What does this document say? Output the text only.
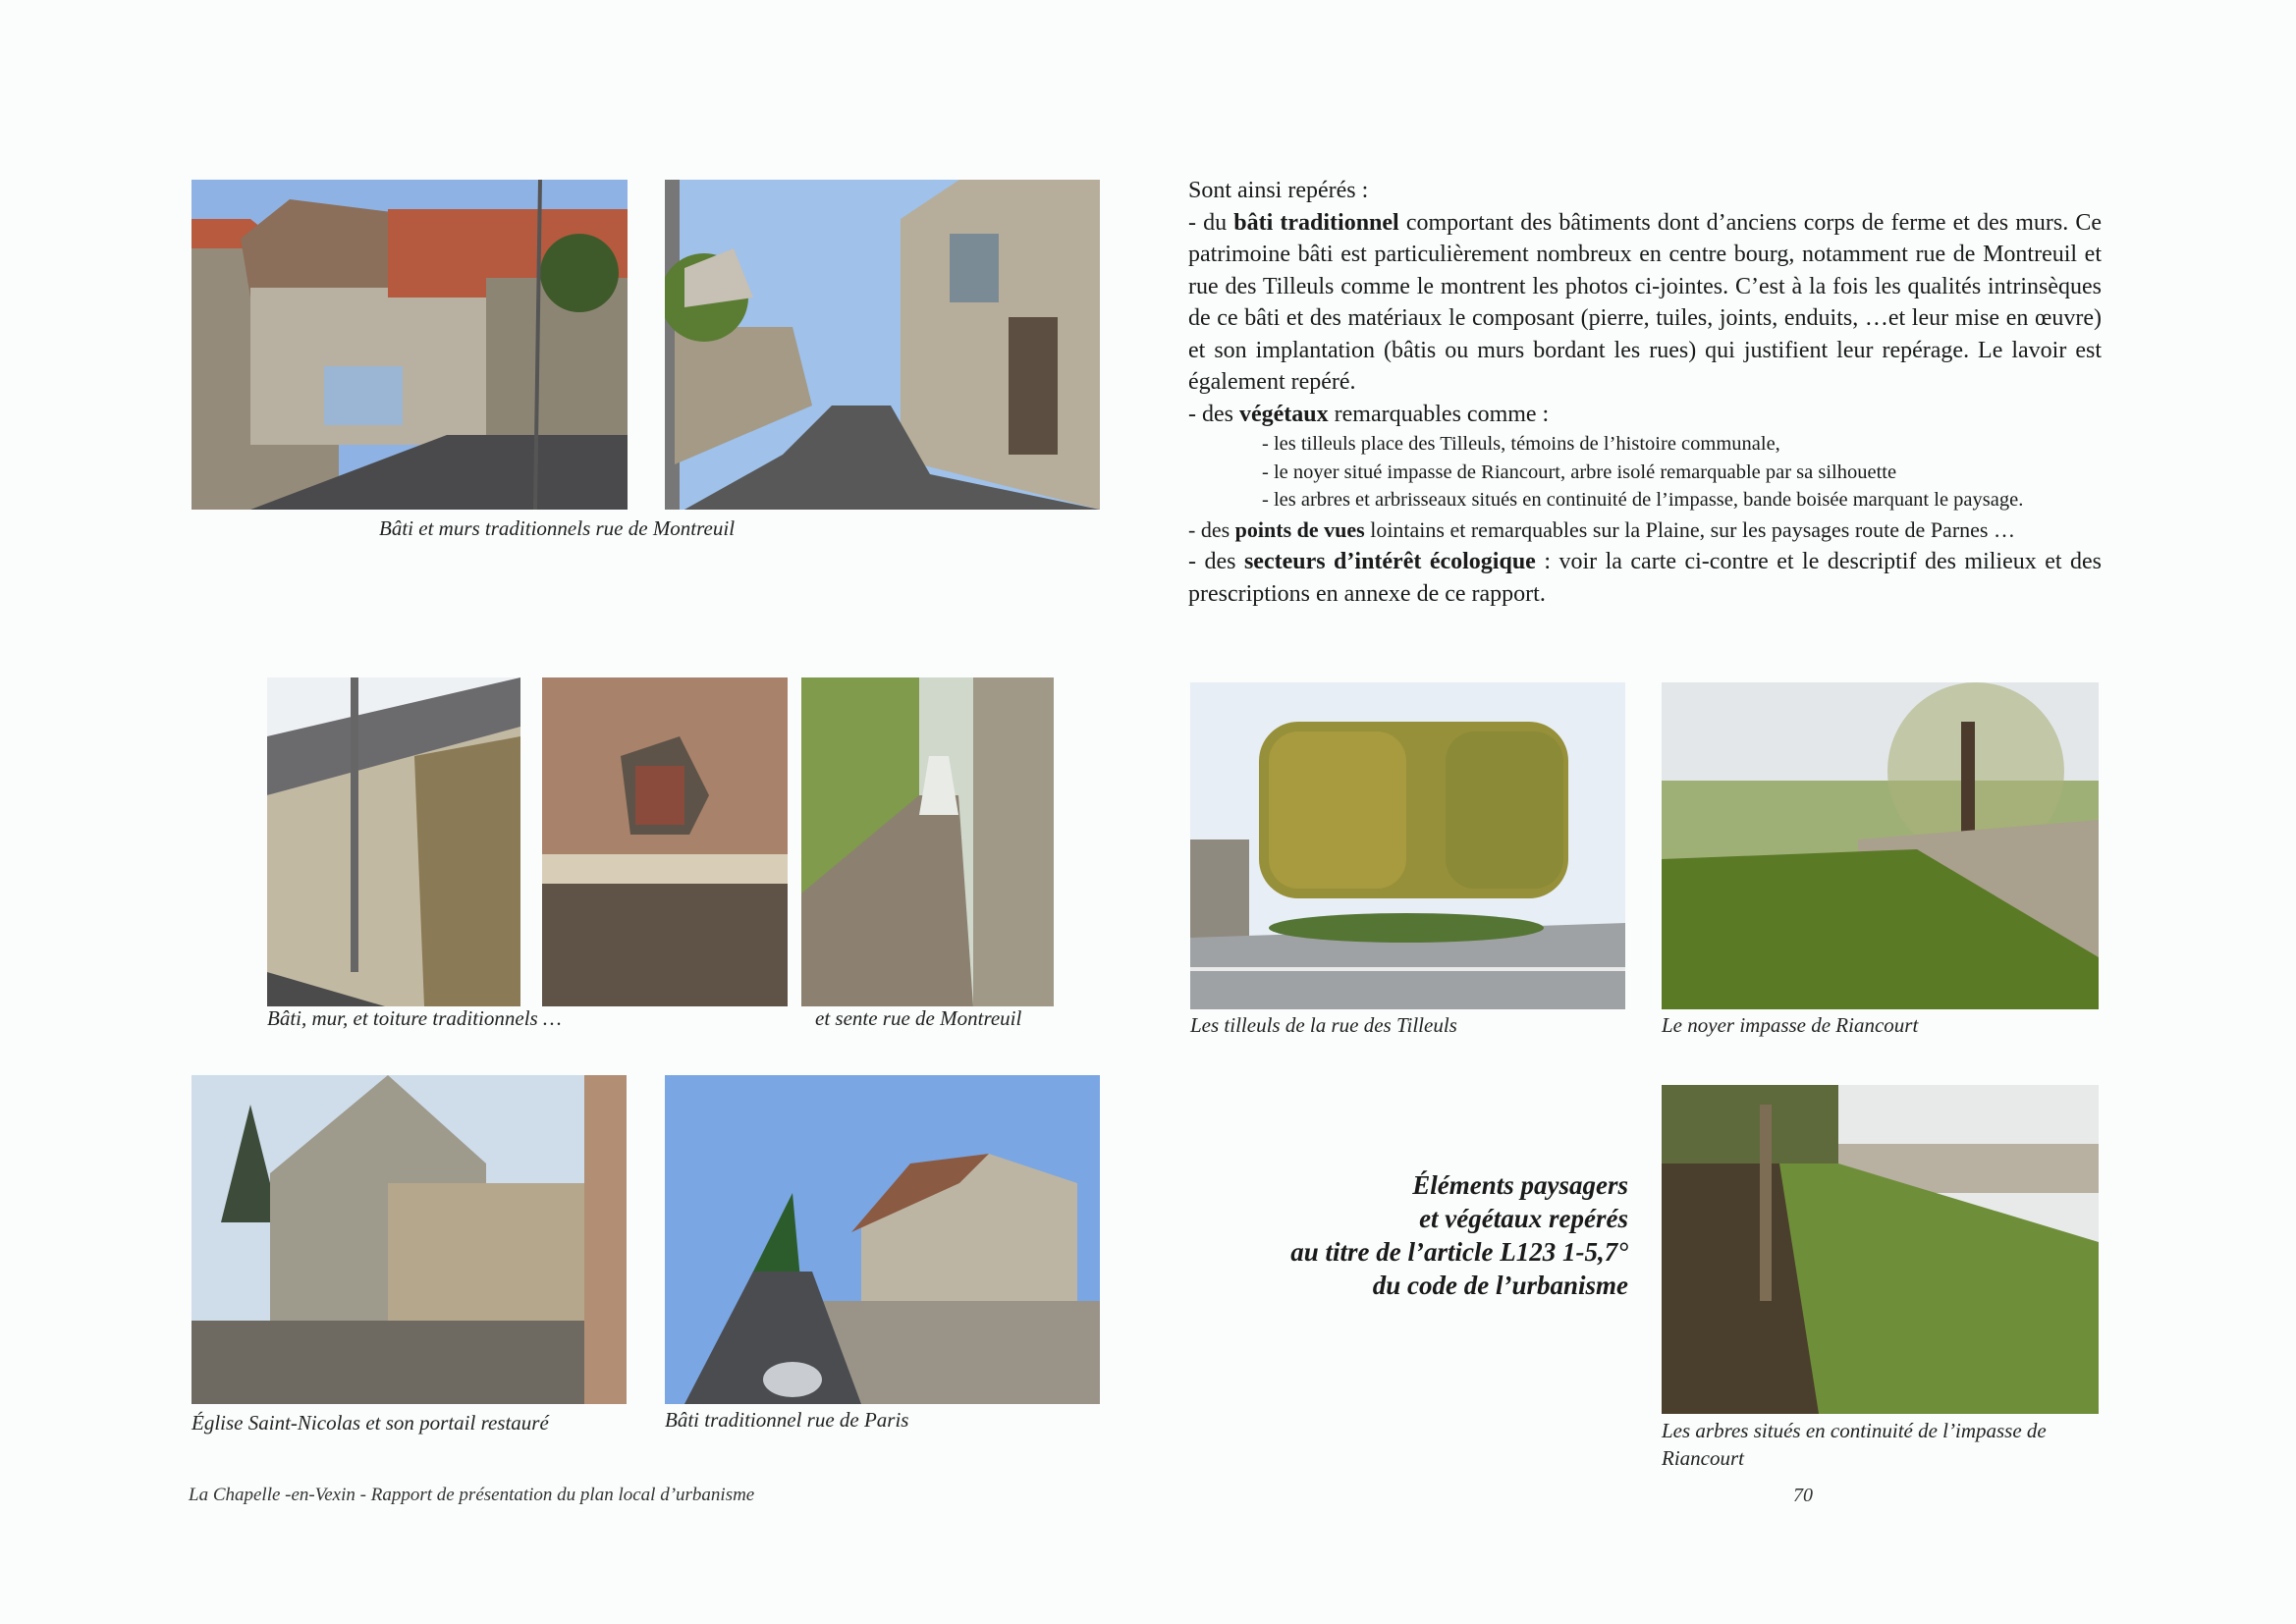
Bâti et murs traditionnels rue de Montreuil
Bâti, mur, et toiture traditionnels …	et sente rue de Montreuil
Église Saint-Nicolas et son portail restauré	Bâti traditionnel rue de Paris
Les tilleuls de la rue des Tilleuls	Le noyer impasse de Riancourt
Les arbres situés en continuité de l’impasse de
Riancourt

Sont ainsi repérés :

- du bâti traditionnel comportant des bâtiments dont d’anciens corps de ferme et des murs. Ce patrimoine bâti est particulièrement nombreux en centre bourg, notamment rue de Montreuil et rue des Tilleuls comme le montrent les photos ci-jointes. C’est à la fois les qualités intrinsèques de ce bâti et des matériaux le composant (pierre, tuiles, joints, enduits, …et leur mise en œuvre) et son implantation (bâtis ou murs bordant les rues) qui justifient leur repérage. Le lavoir est également repéré.

- des végétaux remarquables comme :

- les tilleuls place des Tilleuls, témoins de l’histoire communale,

- le noyer situé impasse de Riancourt, arbre isolé remarquable par sa silhouette

- les arbres et arbrisseaux situés en continuité de l’impasse, bande boisée marquant le paysage.

- des points de vues lointains et remarquables sur la Plaine, sur les paysages route de Parnes …

- des secteurs d’intérêt écologique : voir la carte ci-contre et le descriptif des milieux et des prescriptions en annexe de ce rapport.

Éléments paysagers
et végétaux repérés
au titre de l’article L123 1-5,7°
du code de l’urbanisme
La Chapelle -en-Vexin - Rapport de présentation du plan local d’urbanisme	70
